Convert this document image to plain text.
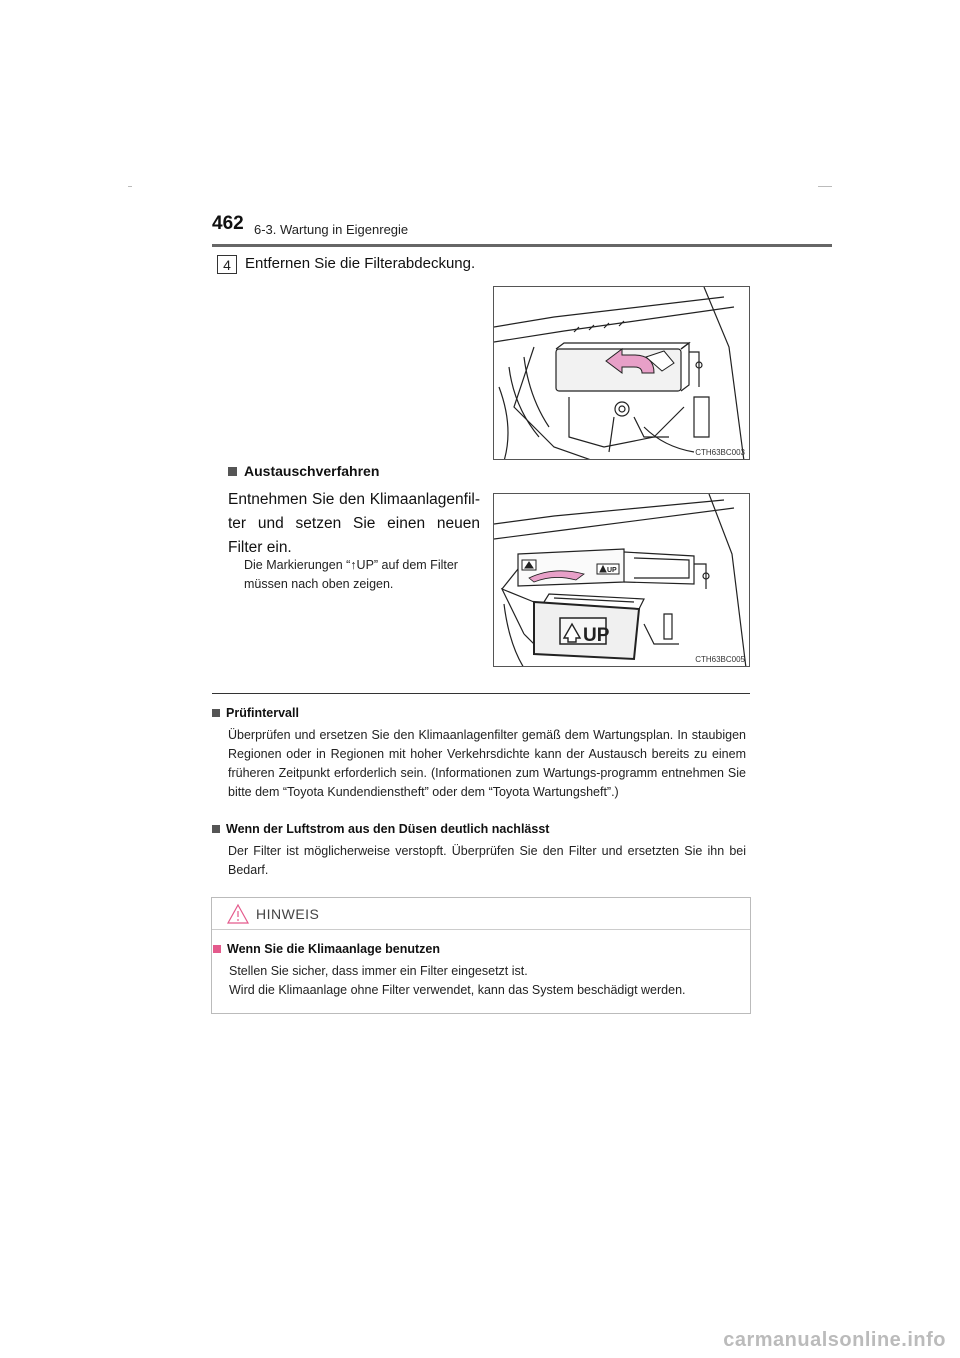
462 6-3. Wartung in Eigenregie
4 Entfernen Sie die Filterabdeckung.
CTH63BC003
Austauschverfahren
Entnehmen Sie den Klimaanlagenfil-ter und setzen Sie einen neuen Filter ein.
Die Markierungen “↑UP” auf dem Filter müssen nach oben zeigen.
UP
UP
CTH63BC005
Prüfintervall
Überprüfen und ersetzen Sie den Klimaanlagenfilter gemäß dem Wartungsplan. In staubigen Regionen oder in Regionen mit hoher Verkehrsdichte kann der Austausch bereits zu einem früheren Zeitpunkt erforderlich sein. (Informationen zum Wartungs-programm entnehmen Sie bitte dem “Toyota Kundendienstheft” oder dem “Toyota Wartungsheft”.)
Wenn der Luftstrom aus den Düsen deutlich nachlässt
Der Filter ist möglicherweise verstopft. Überprüfen Sie den Filter und ersetzten Sie ihn bei Bedarf.
HINWEIS
Wenn Sie die Klimaanlage benutzen
Stellen Sie sicher, dass immer ein Filter eingesetzt ist.
Wird die Klimaanlage ohne Filter verwendet, kann das System beschädigt werden.
carmanualsonline.info
